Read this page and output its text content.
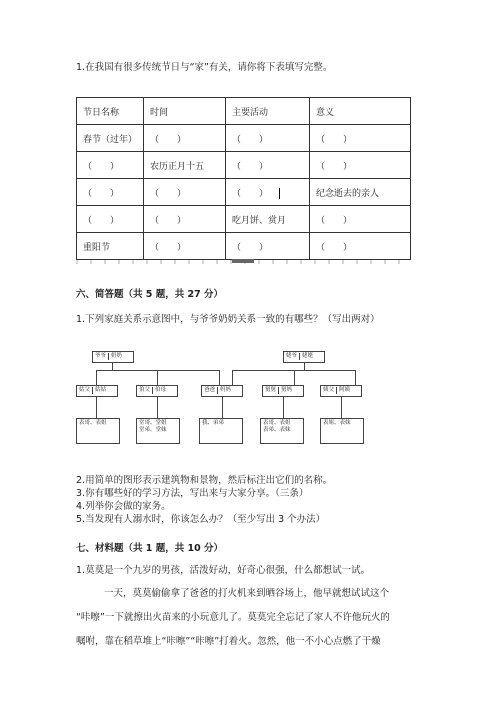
1.在我国有很多传统节日与“家”有关，请你将下表填写完整。
节日名称	时间	主要活动	意义
春节（过年）	（　　）	（　　）	（　　）
（　　）	农历正月十五	（　　）	（　　）
（　　）	（　　）	（　　）	纪念逝去的亲人
（　　）	（　　）	吃月饼、赏月	（　　）
重阳节	（　　）	（　　）	（　　）
六、简答题（共 5 题，共 27 分）
1.下列家庭关系示意图中，与爷爷奶奶关系一致的有哪些？（写出两对）
爷爷 奶奶	姥爷 姥姥
姑父 姑姑	伯父 伯母	爸爸 妈妈	舅舅 舅妈	姨父 阿姨
表哥、表姐	堂哥、堂姐
堂弟、堂妹
我、弟弟	表哥、表姐
表弟、表妹
表姐、表妹
2.用简单的图形表示建筑物和景物，然后标注出它们的名称。
3.你有哪些好的学习方法，写出来与大家分享。（三条）
4.列举你会做的家务。
5.当发现有人溺水时，你该怎么办？（至少写出 3 个办法）
七、材料题（共 1 题，共 10 分）
1.莫莫是一个九岁的男孩，活泼好动，好奇心很强，什么都想试一试。
一天，莫莫偷偷拿了爸爸的打火机来到晒谷场上，他早就想试试这个
“咔嚓”一下就擦出火苗来的小玩意儿了。莫莫完全忘记了家人不许他玩火的
嘱咐，靠在稻草堆上“咔嚓”“咔嚓”打着火。忽然，他一不小心点燃了干燥
